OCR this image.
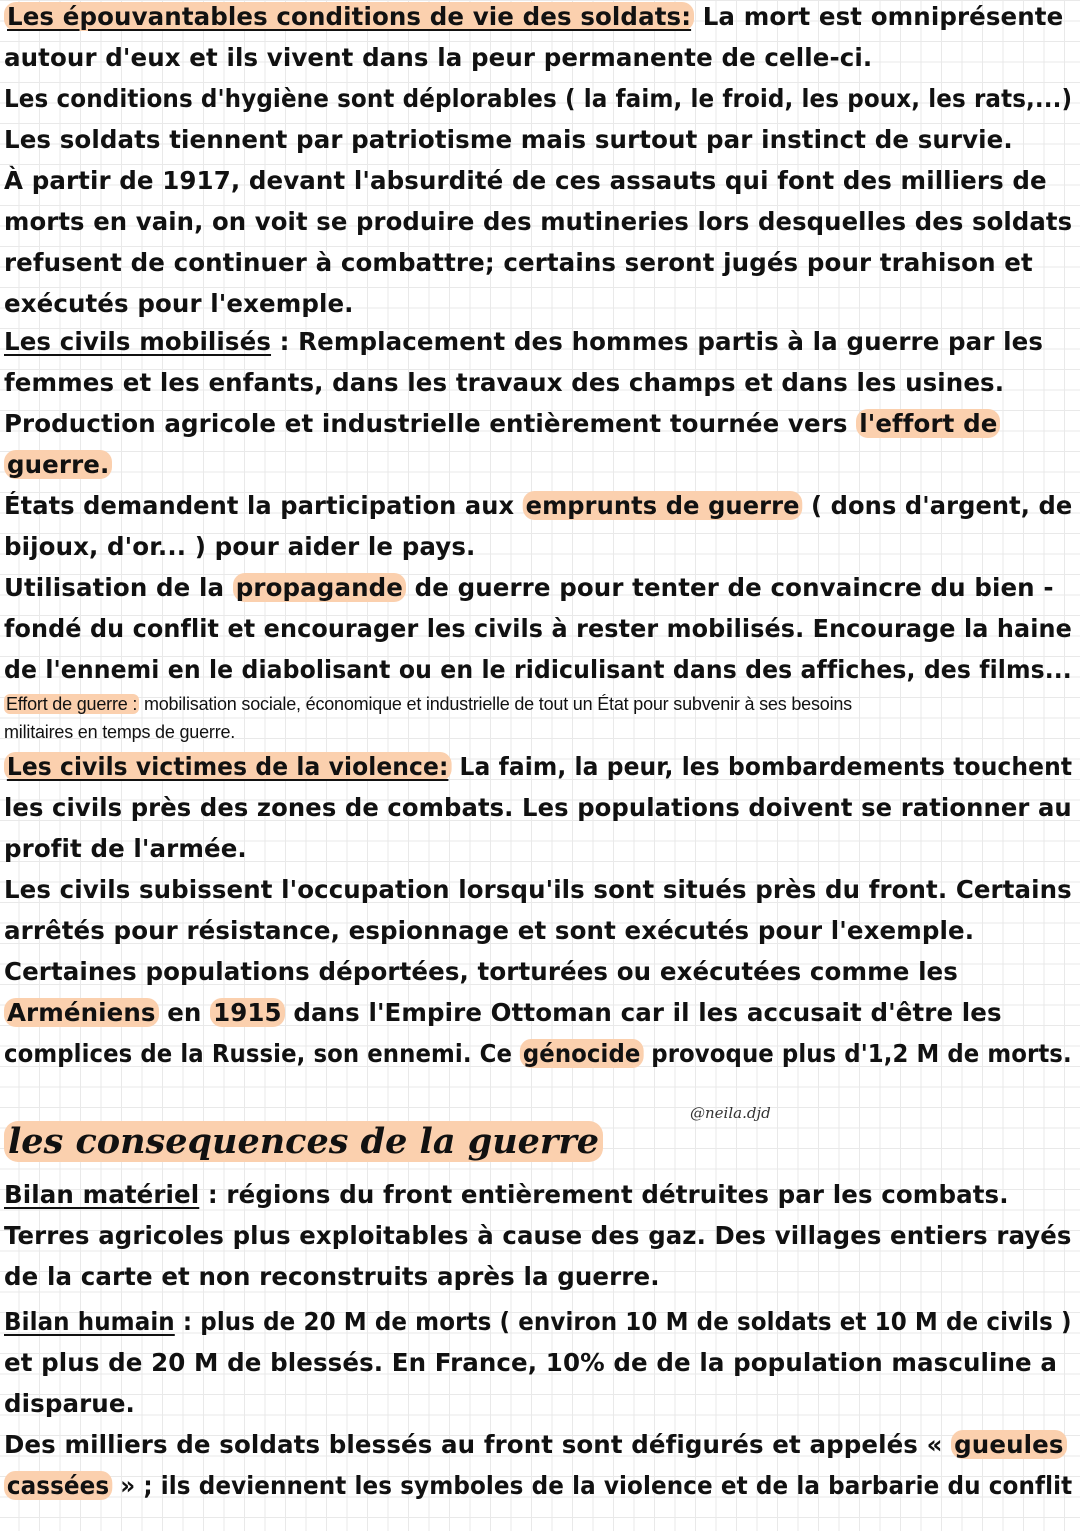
Les épouvantables conditions de vie des soldats: La mort est omniprésente
autour d'eux et ils vivent dans la peur permanente de celle-ci.
Les conditions d'hygiène sont déplorables ( la faim, le froid, les poux, les rats,...)
Les soldats tiennent par patriotisme mais surtout par instinct de survie.
À partir de 1917, devant l'absurdité de ces assauts qui font des milliers de
morts en vain, on voit se produire des mutineries lors desquelles des soldats
refusent de continuer à combattre; certains seront jugés pour trahison et
exécutés pour l'exemple.
Les civils mobilisés : Remplacement des hommes partis à la guerre par les
femmes et les enfants, dans les travaux des champs et dans les usines.
Production agricole et industrielle entièrement tournée vers l'effort de
guerre.
États demandent la participation aux emprunts de guerre ( dons d'argent, de
bijoux, d'or... ) pour aider le pays.
Utilisation de la propagande de guerre pour tenter de convaincre du bien -
fondé du conflit et encourager les civils à rester mobilisés. Encourage la haine
de l'ennemi en le diabolisant ou en le ridiculisant dans des affiches, des films...
Effort de guerre : mobilisation sociale, économique et industrielle de tout un État pour subvenir à ses besoins
militaires en temps de guerre.
Les civils victimes de la violence: La faim, la peur, les bombardements touchent
les civils près des zones de combats. Les populations doivent se rationner au
profit de l'armée.
Les civils subissent l'occupation lorsqu'ils sont situés près du front. Certains
arrêtés pour résistance, espionnage et sont exécutés pour l'exemple.
Certaines populations déportées, torturées ou exécutées comme les
Arméniens en 1915 dans l'Empire Ottoman car il les accusait d'être les
complices de la Russie, son ennemi. Ce génocide provoque plus d'1,2 M de morts.
les consequences de la guerre
Bilan matériel : régions du front entièrement détruites par les combats.
Terres agricoles plus exploitables à cause des gaz. Des villages entiers rayés
de la carte et non reconstruits après la guerre.
Bilan humain : plus de 20 M de morts ( environ 10 M de soldats et 10 M de civils )
et plus de 20 M de blessés. En France, 10% de de la population masculine a
disparue.
Des milliers de soldats blessés au front sont défigurés et appelés « gueules
cassées » ; ils deviennent les symboles de la violence et de la barbarie du conflit
@neila.djd
